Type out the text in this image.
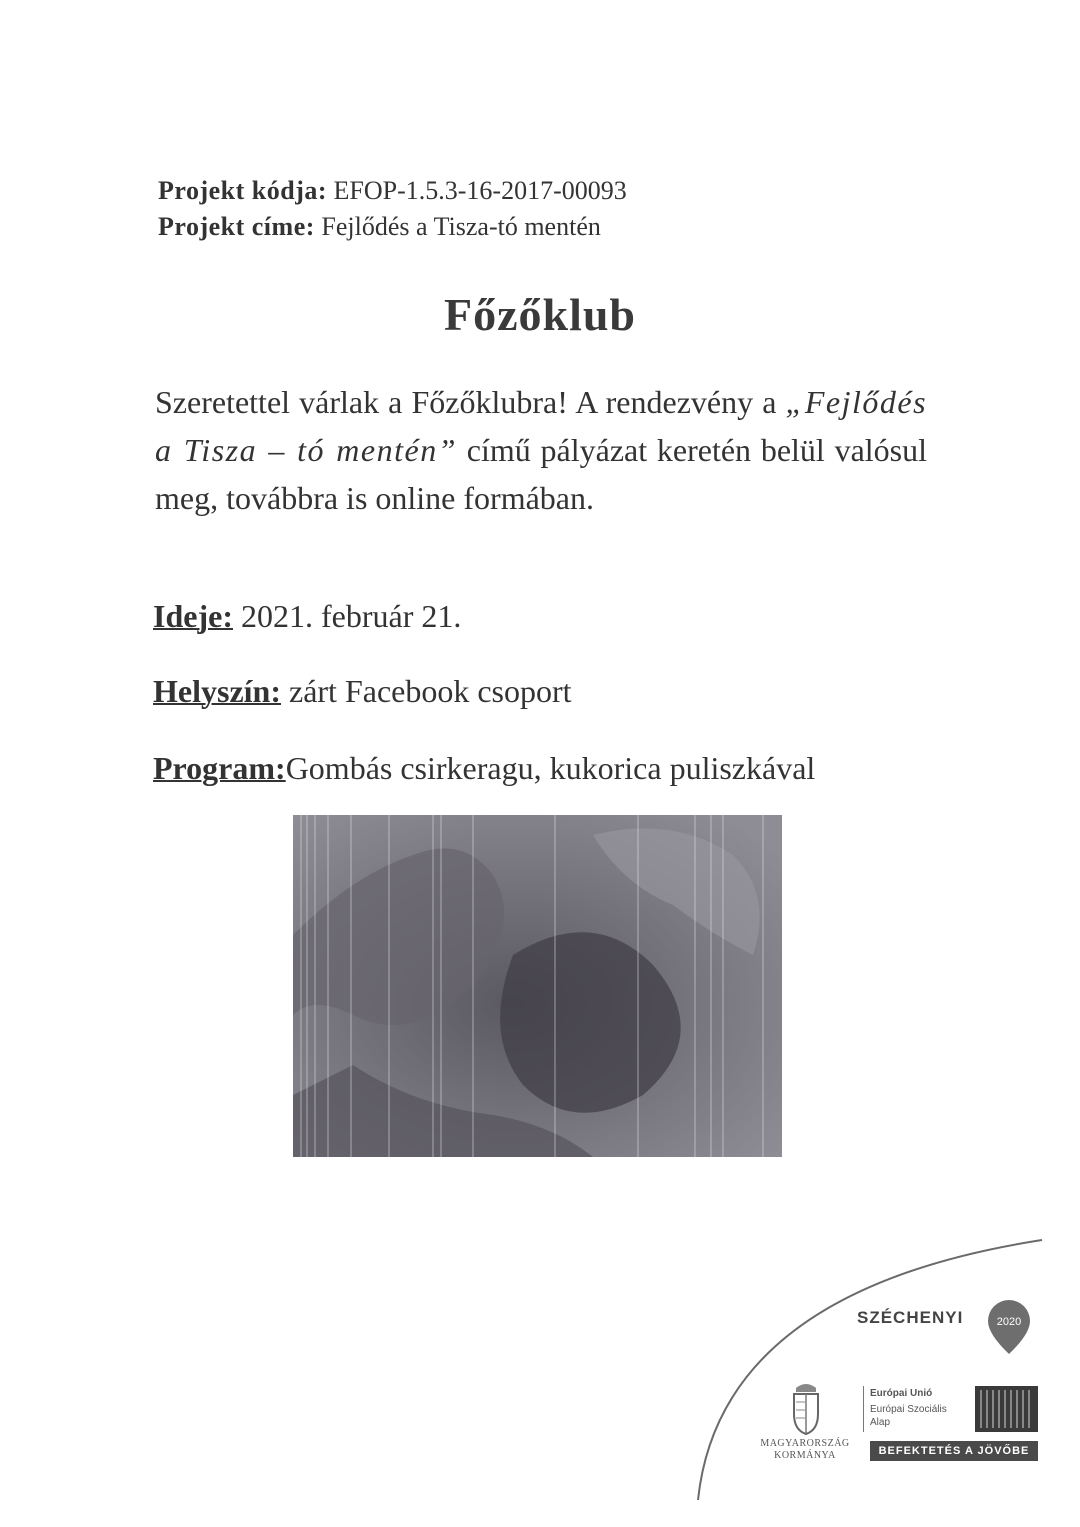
Projekt kódja: EFOP-1.5.3-16-2017-00093
Projekt címe: Fejlődés a Tisza-tó mentén
Főzőklub
Szeretettel várlak a Főzőklubra! A rendezvény a „Fejlődés a Tisza – tó mentén” című pályázat keretén belül valósul meg, továbbra is online formában.
Ideje: 2021. február 21.
Helyszín: zárt Facebook csoport
Program:Gombás csirkeragu, kukorica puliszkával
SZÉCHENYI	2020
MAGYARORSZÁG
KORMÁNYA
Európai Unió
Európai Szociális
Alap
BEFEKTETÉS A JÖVŐBE
